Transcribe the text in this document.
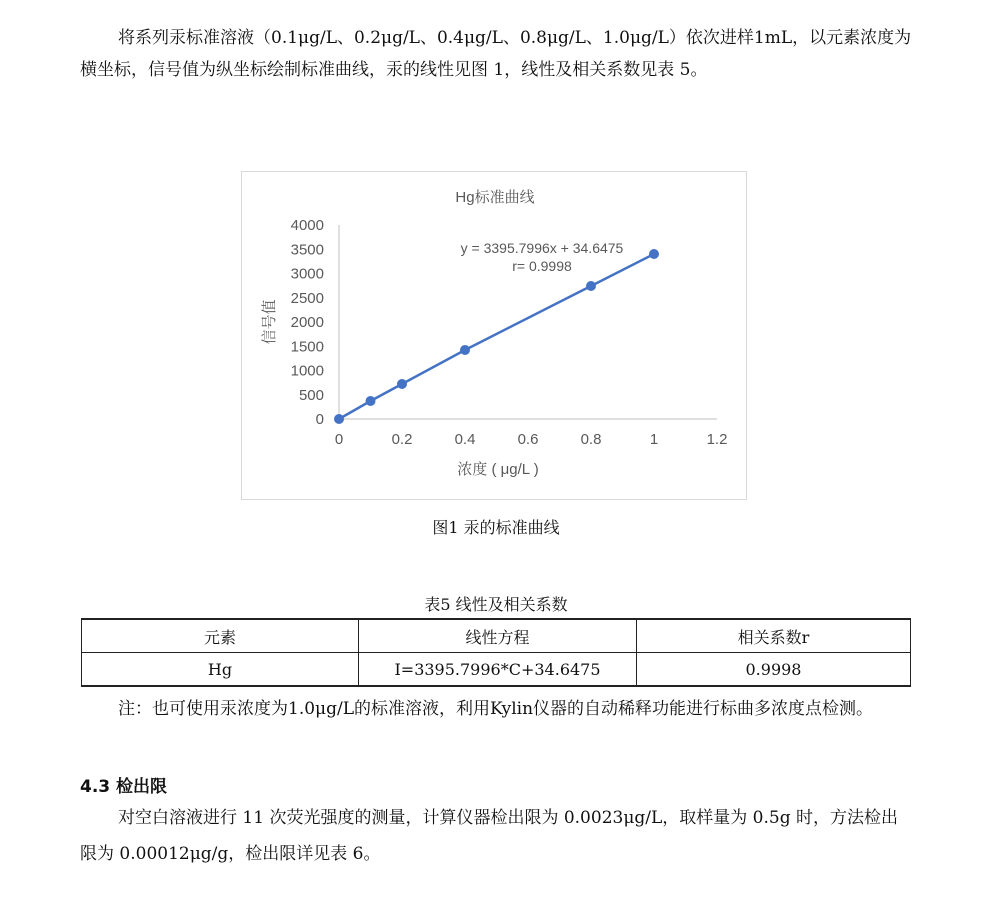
将系列汞标准溶液（0.1μg/L、0.2μg/L、0.4μg/L、0.8μg/L、1.0μg/L）依次进样1mL，以元素浓度为横坐标，信号值为纵坐标绘制标准曲线，汞的线性见图 1，线性及相关系数见表 5。

Hg标准曲线
0
500
1000
1500
2000
2500
3000
3500
4000
0	0.2	0.4	0.6	0.8	1	1.2
信号值
浓度 ( μg/L )
y = 3395.7996x + 34.6475
r= 0.9998
图1 汞的标准曲线
表5 线性及相关系数
元素	线性方程	相关系数r
Hg	I=3395.7996*C+34.6475	0.9998

注：也可使用汞浓度为1.0μg/L的标准溶液，利用Kylin仪器的自动稀释功能进行标曲多浓度点检测。

4.3 检出限

对空白溶液进行 11 次荧光强度的测量，计算仪器检出限为 0.0023μg/L，取样量为 0.5g 时，方法检出限为 0.00012μg/g，检出限详见表 6。
